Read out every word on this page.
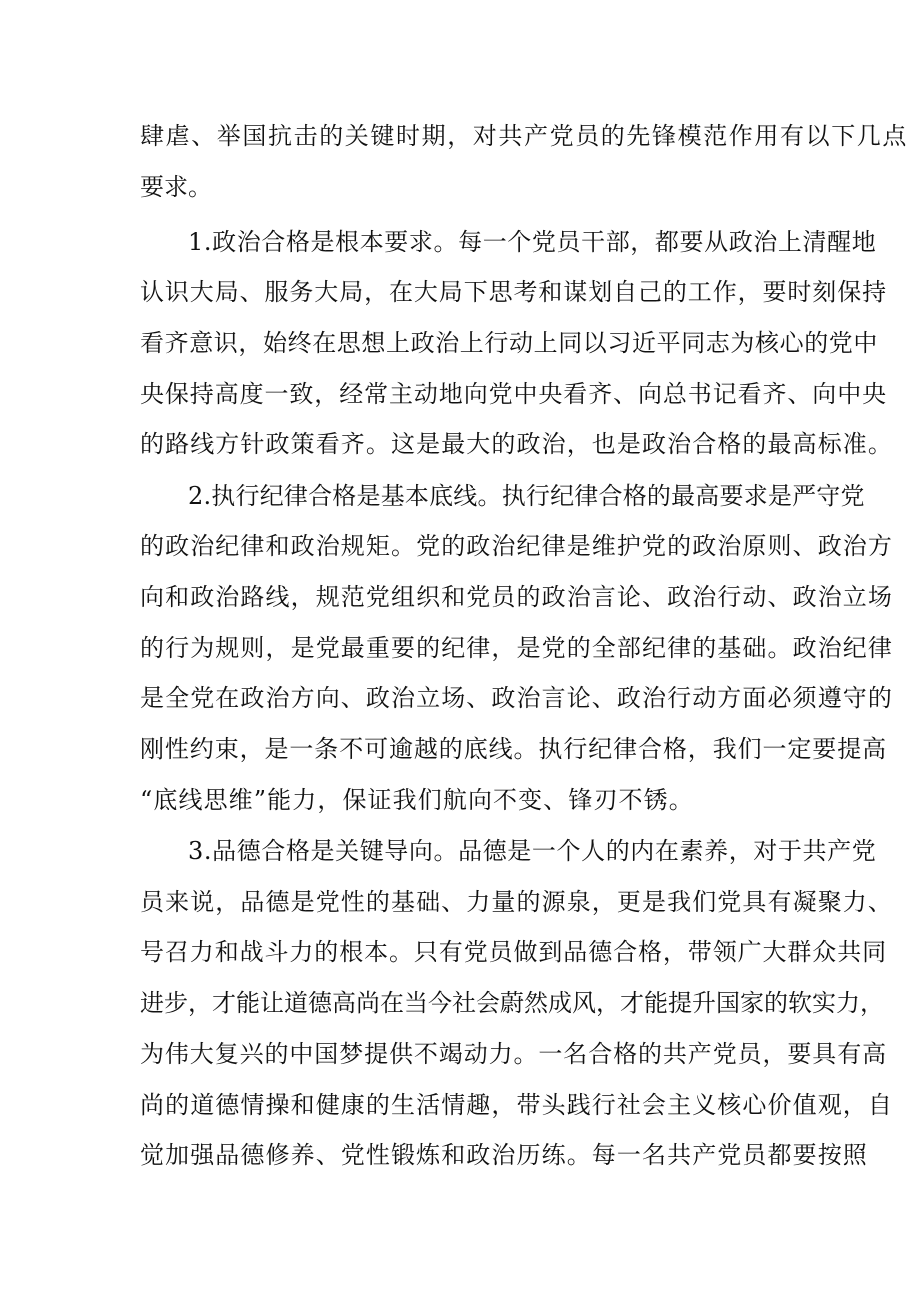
肆虐、举国抗击的关键时期，对共产党员的先锋模范作用有以下几点
要求。
1.政治合格是根本要求。每一个党员干部，都要从政治上清醒地
认识大局、服务大局，在大局下思考和谋划自己的工作，要时刻保持
看齐意识，始终在思想上政治上行动上同以习近平同志为核心的党中
央保持高度一致，经常主动地向党中央看齐、向总书记看齐、向中央
的路线方针政策看齐。这是最大的政治，也是政治合格的最高标准。
2.执行纪律合格是基本底线。执行纪律合格的最高要求是严守党
的政治纪律和政治规矩。党的政治纪律是维护党的政治原则、政治方
向和政治路线，规范党组织和党员的政治言论、政治行动、政治立场
的行为规则，是党最重要的纪律，是党的全部纪律的基础。政治纪律
是全党在政治方向、政治立场、政治言论、政治行动方面必须遵守的
刚性约束，是一条不可逾越的底线。执行纪律合格，我们一定要提高
“底线思维”能力，保证我们航向不变、锋刃不锈。
3.品德合格是关键导向。品德是一个人的内在素养，对于共产党
员来说，品德是党性的基础、力量的源泉，更是我们党具有凝聚力、
号召力和战斗力的根本。只有党员做到品德合格，带领广大群众共同
进步，才能让道德高尚在当今社会蔚然成风，才能提升国家的软实力，
为伟大复兴的中国梦提供不竭动力。一名合格的共产党员，要具有高
尚的道德情操和健康的生活情趣，带头践行社会主义核心价值观，自
觉加强品德修养、党性锻炼和政治历练。每一名共产党员都要按照
